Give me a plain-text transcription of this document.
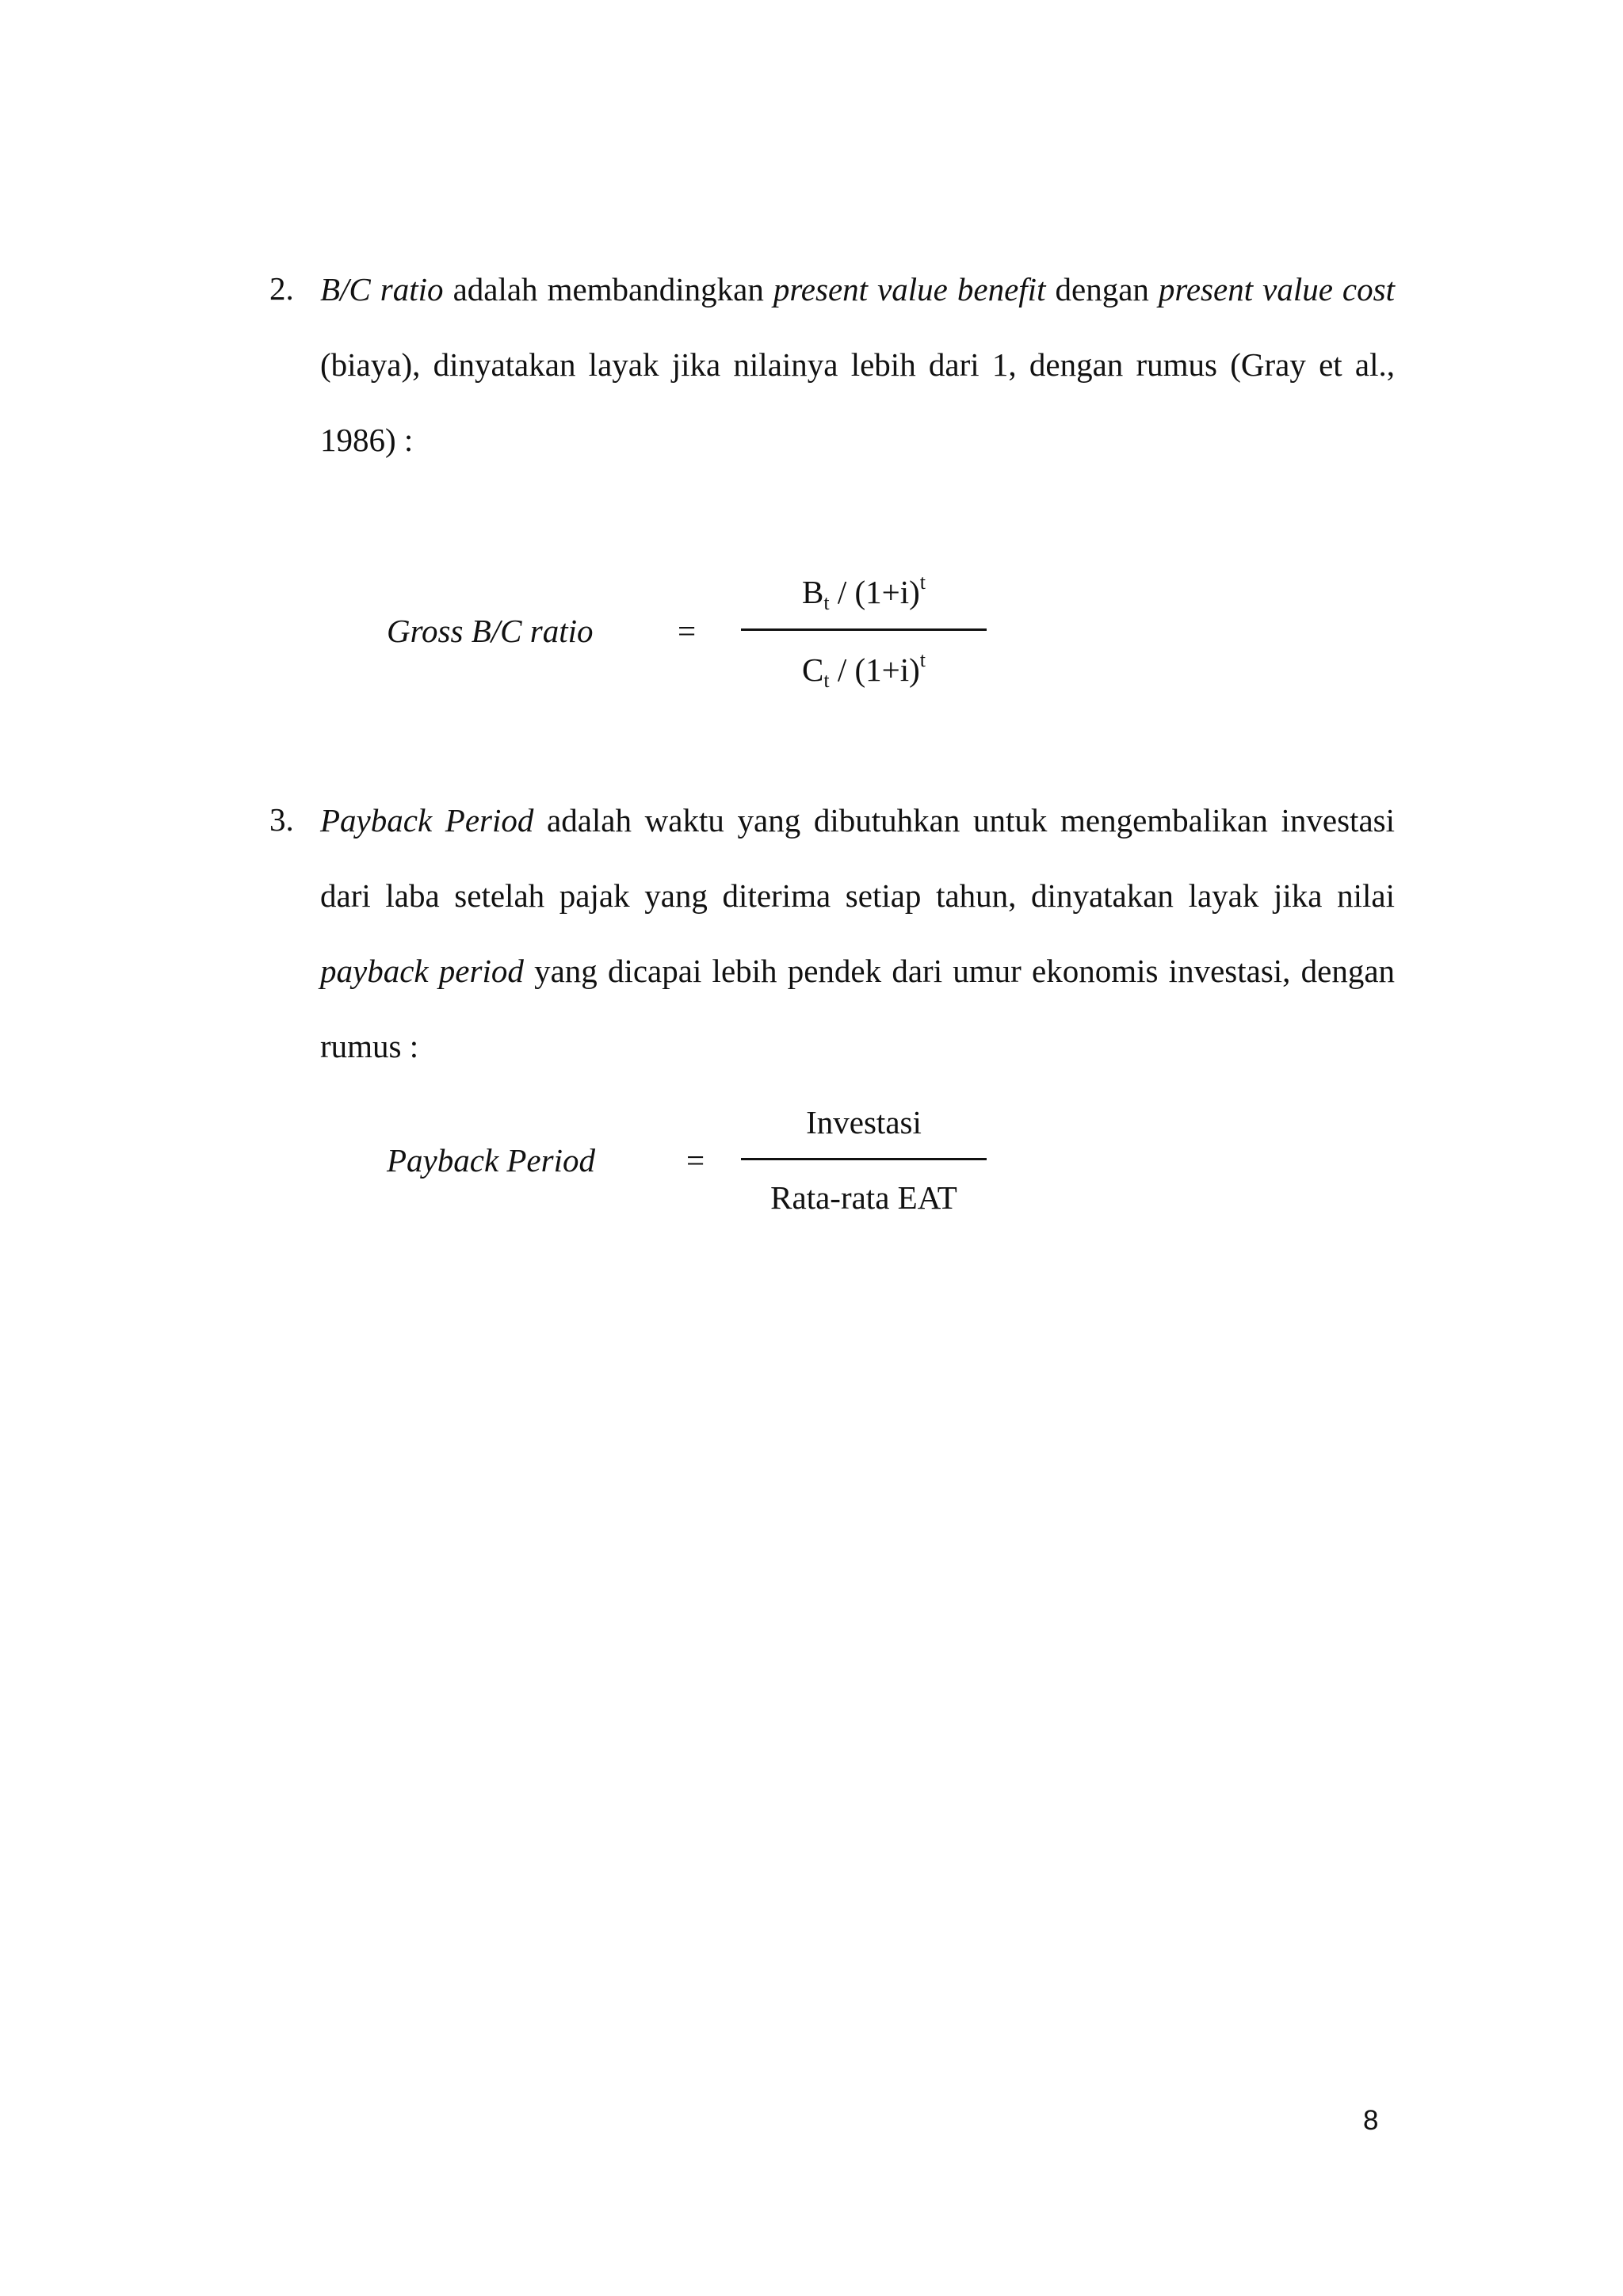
2. B/C ratio adalah membandingkan present value benefit dengan present value cost
(biaya), dinyatakan layak jika nilainya lebih dari 1, dengan rumus (Gray et al.,
1986) :
Gross B/C ratio	=
$B_t / (1+i)^t$
$C_t / (1+i)^t$
3. Payback Period adalah waktu yang dibutuhkan untuk mengembalikan investasi
dari laba setelah pajak yang diterima setiap tahun, dinyatakan layak jika nilai
payback period yang dicapai lebih pendek dari umur ekonomis investasi, dengan
rumus :
Payback Period	=
Investasi
Rata-rata EAT
8
